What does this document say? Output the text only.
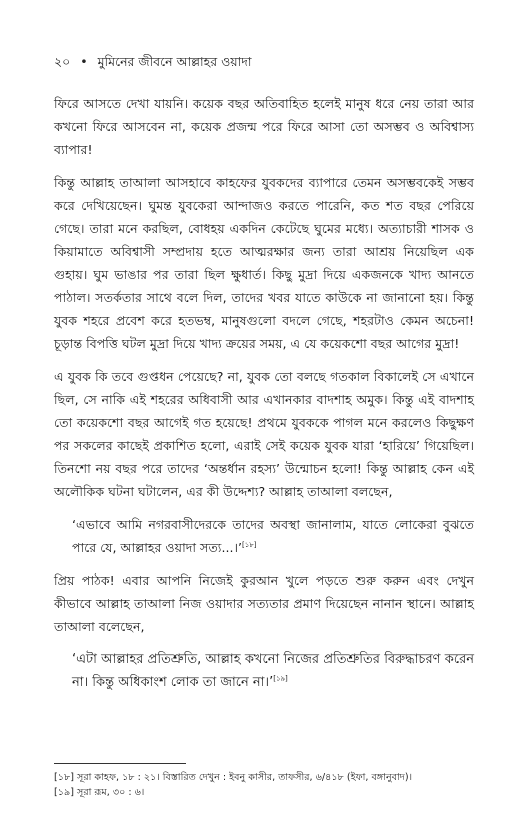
২০ • মুমিনের জীবনে আল্লাহর ওয়াদা

ফিরে আসতে দেখা যায়নি। কয়েক বছর অতিবাহিত হলেই মানুষ ধরে নেয় তারা আর কখনো ফিরে আসবেন না, কয়েক প্রজন্ম পরে ফিরে আসা তো অসম্ভব ও অবিশ্বাস্য ব্যাপার!

কিন্তু আল্লাহ তাআলা আসহাবে কাহফের যুবকদের ব্যাপারে তেমন অসম্ভবকেই সম্ভব করে দেখিয়েছেন। ঘুমন্ত যুবকেরা আন্দাজও করতে পারেনি, কত শত বছর পেরিয়ে গেছে। তারা মনে করছিল, বোধহয় একদিন কেটেছে ঘুমের মধ্যে। অত্যাচারী শাসক ও কিয়ামাতে অবিশ্বাসী সম্প্রদায় হতে আত্মরক্ষার জন্য তারা আশ্রয় নিয়েছিল এক গুহায়। ঘুম ভাঙার পর তারা ছিল ক্ষুধার্ত। কিছু মুদ্রা দিয়ে একজনকে খাদ্য আনতে পাঠাল। সতর্কতার সাথে বলে দিল, তাদের খবর যাতে কাউকে না জানানো হয়। কিন্তু যুবক শহরে প্রবেশ করে হতভম্ব, মানুষগুলো বদলে গেছে, শহরটাও কেমন অচেনা! চূড়ান্ত বিপত্তি ঘটল মুদ্রা দিয়ে খাদ্য ক্রয়ের সময়, এ যে কয়েকশো বছর আগের মুদ্রা!

এ যুবক কি তবে গুপ্তধন পেয়েছে? না, যুবক তো বলছে গতকাল বিকালেই সে এখানে ছিল, সে নাকি এই শহরের অধিবাসী আর এখানকার বাদশাহ অমুক। কিন্তু এই বাদশাহ তো কয়েকশো বছর আগেই গত হয়েছে! প্রথমে যুবককে পাগল মনে করলেও কিছুক্ষণ পর সকলের কাছেই প্রকাশিত হলো, এরাই সেই কয়েক যুবক যারা ‘হারিয়ে’ গিয়েছিল। তিনশো নয় বছর পরে তাদের ‘অন্তর্ধান রহস্য’ উন্মোচন হলো! কিন্তু আল্লাহ কেন এই অলৌকিক ঘটনা ঘটালেন, এর কী উদ্দেশ্য? আল্লাহ তাআলা বলছেন,

‘এভাবে আমি নগরবাসীদেরকে তাদের অবস্থা জানালাম, যাতে লোকেরা বুঝতে পারে যে, আল্লাহর ওয়াদা সত্য...।’[১৮]

প্রিয় পাঠক! এবার আপনি নিজেই কুরআন খুলে পড়তে শুরু করুন এবং দেখুন কীভাবে আল্লাহ তাআলা নিজ ওয়াদার সত্যতার প্রমাণ দিয়েছেন নানান স্থানে। আল্লাহ তাআলা বলেছেন,

‘এটা আল্লাহর প্রতিশ্রুতি, আল্লাহ কখনো নিজের প্রতিশ্রুতির বিরুদ্ধাচরণ করেন না। কিন্তু অধিকাংশ লোক তা জানে না।’[১৯]

[১৮] সূরা কাহফ, ১৮ : ২১। বিস্তারিত দেখুন : ইবনু কাসীর, তাফসীর, ৬/৪১৮ (ইফা, বঙ্গানুবাদ)।

[১৯] সূরা রূম, ৩০ : ৬।
